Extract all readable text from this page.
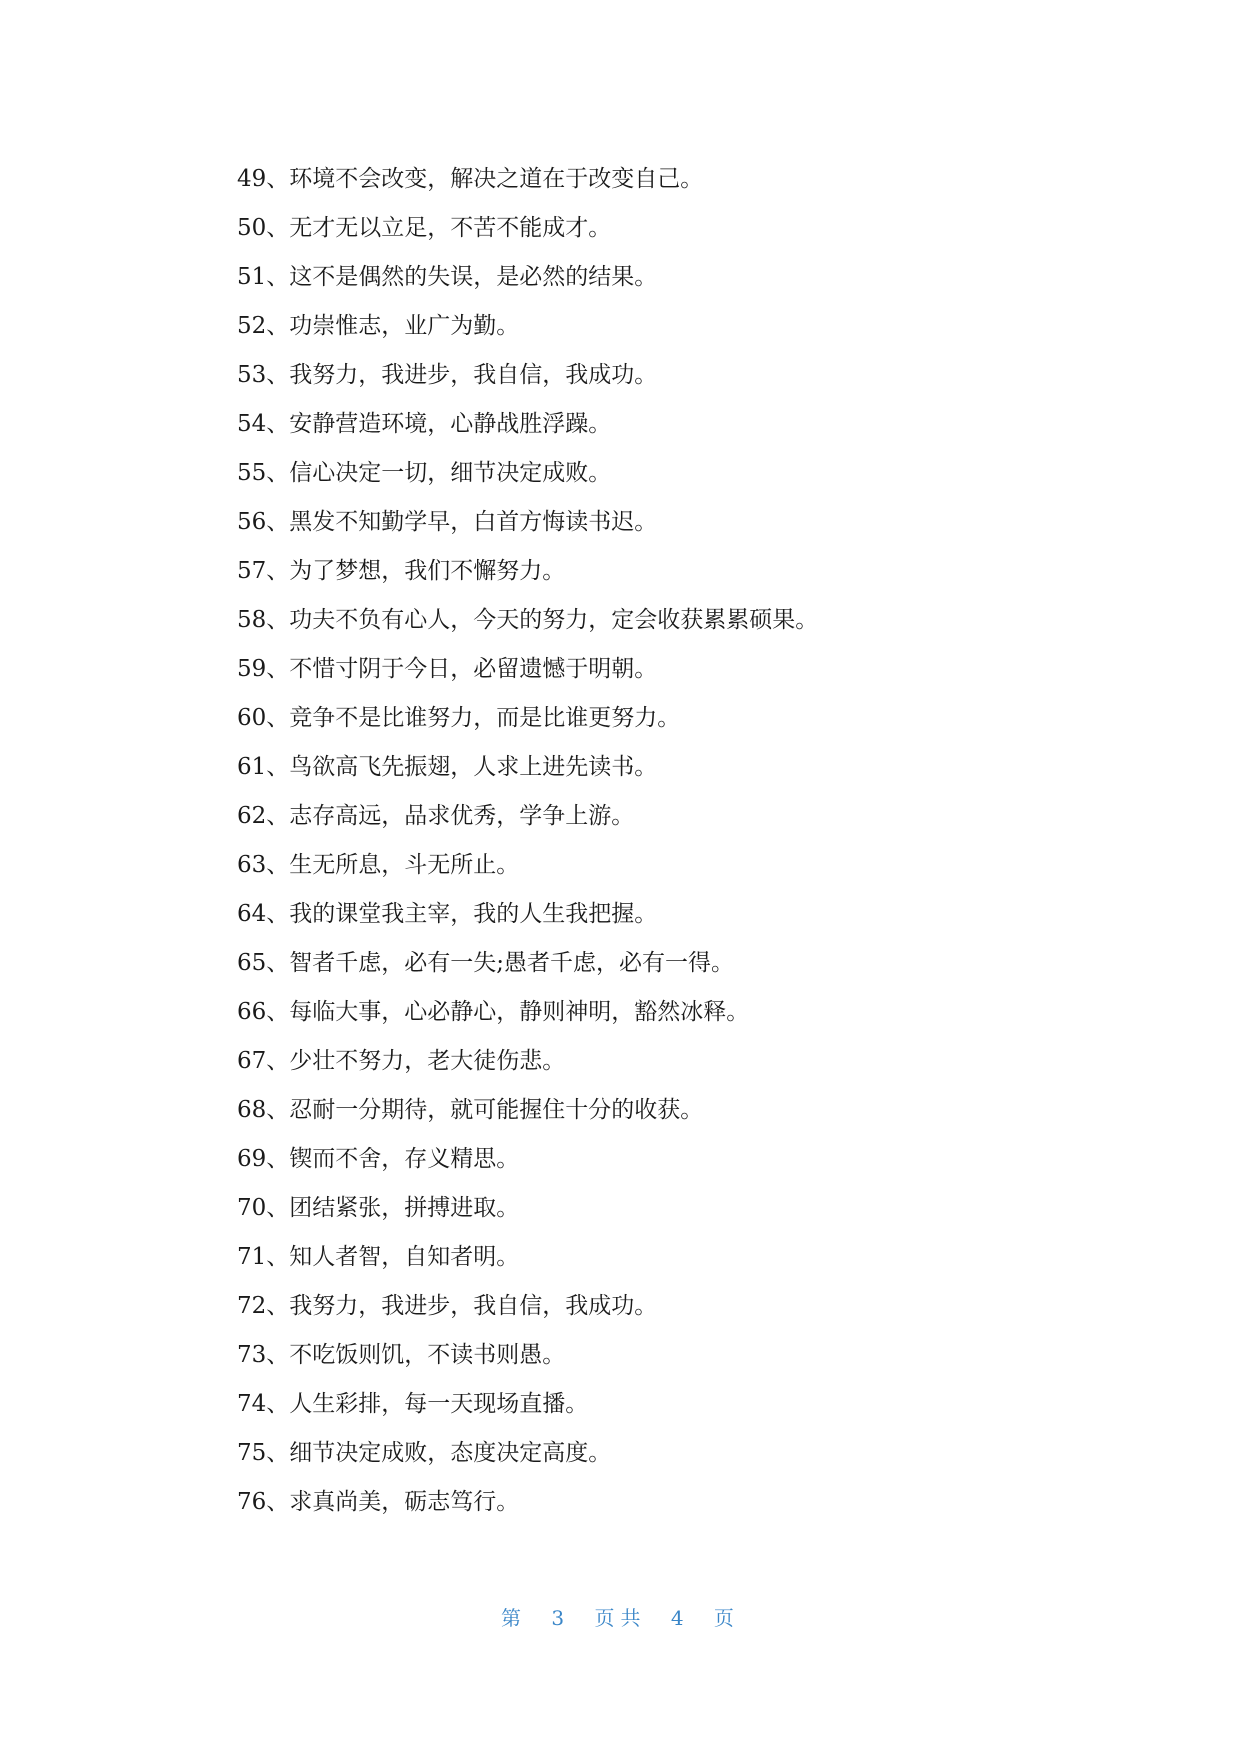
49、环境不会改变，解决之道在于改变自己。
50、无才无以立足，不苦不能成才。
51、这不是偶然的失误，是必然的结果。
52、功崇惟志，业广为勤。
53、我努力，我进步，我自信，我成功。
54、安静营造环境，心静战胜浮躁。
55、信心决定一切，细节决定成败。
56、黑发不知勤学早，白首方悔读书迟。
57、为了梦想，我们不懈努力。
58、功夫不负有心人，今天的努力，定会收获累累硕果。
59、不惜寸阴于今日，必留遗憾于明朝。
60、竞争不是比谁努力，而是比谁更努力。
61、鸟欲高飞先振翅，人求上进先读书。
62、志存高远，品求优秀，学争上游。
63、生无所息，斗无所止。
64、我的课堂我主宰，我的人生我把握。
65、智者千虑，必有一失;愚者千虑，必有一得。
66、每临大事，心必静心，静则神明，豁然冰释。
67、少壮不努力，老大徒伤悲。
68、忍耐一分期待，就可能握住十分的收获。
69、锲而不舍，存义精思。
70、团结紧张，拼搏进取。
71、知人者智，自知者明。
72、我努力，我进步，我自信，我成功。
73、不吃饭则饥，不读书则愚。
74、人生彩排，每一天现场直播。
75、细节决定成败，态度决定高度。
76、求真尚美，砺志笃行。
第 3 页共 4 页
